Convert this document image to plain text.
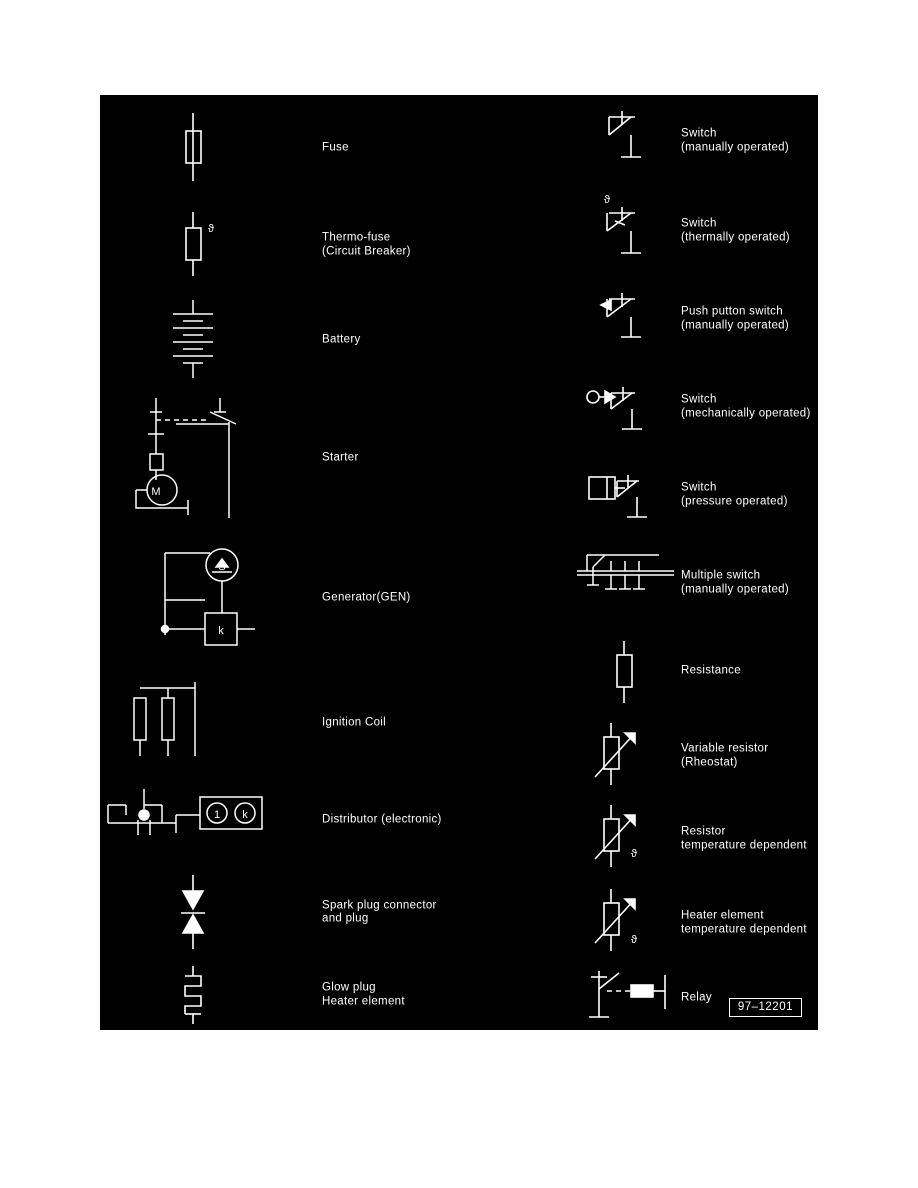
Fuse
ϑ
Thermo-fuse
(Circuit Breaker)
Battery
M
Starter
S
k
Generator(GEN)
Ignition Coil
1 k	Distributor (electronic)
Spark plug connector
and plug
Glow plug
Heater element
Switch
(manually operated)
ϑ
Switch
(thermally operated)
Push putton switch
(manually operated)
Switch
(mechanically operated)
Switch
(pressure operated)
Multiple switch
(manually operated)
Resistance
Variable resistor
(Rheostat)
ϑ
Resistor
temperature dependent
ϑ
Heater element
temperature dependent
Relay
97–12201
